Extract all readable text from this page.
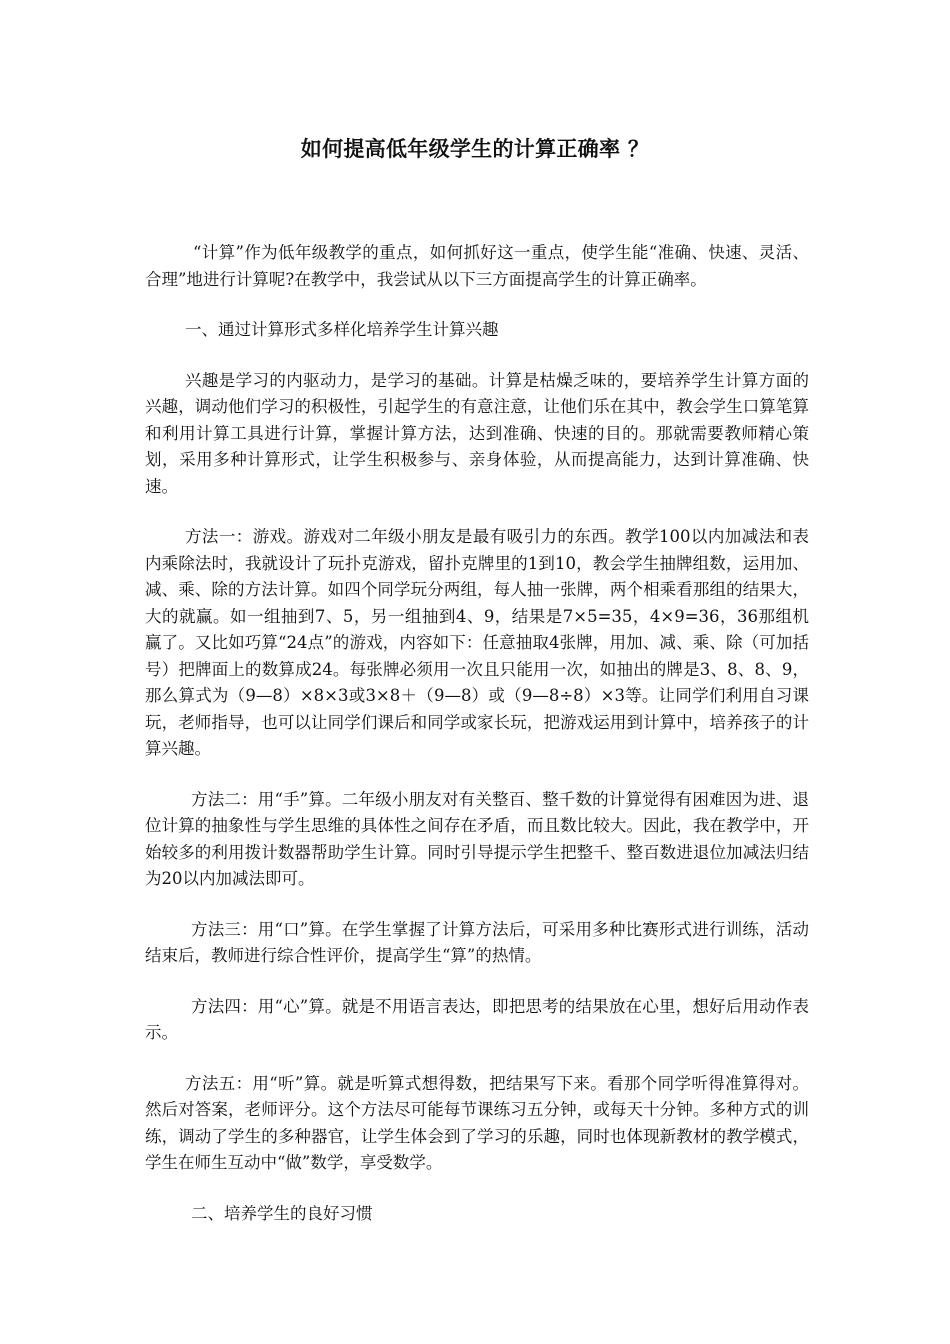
如何提高低年级学生的计算正确率 ？

“计算”作为低年级教学的重点，如何抓好这一重点，使学生能“准确、快速、灵活、合理”地进行计算呢?在教学中，我尝试从以下三方面提高学生的计算正确率。

一、通过计算形式多样化培养学生计算兴趣

兴趣是学习的内驱动力，是学习的基础。计算是枯燥乏味的，要培养学生计算方面的兴趣，调动他们学习的积极性，引起学生的有意注意，让他们乐在其中，教会学生口算笔算和利用计算工具进行计算，掌握计算方法，达到准确、快速的目的。那就需要教师精心策划，采用多种计算形式，让学生积极参与、亲身体验，从而提高能力，达到计算准确、快速。

方法一：游戏。游戏对二年级小朋友是最有吸引力的东西。教学100以内加减法和表内乘除法时，我就设计了玩扑克游戏，留扑克牌里的1到10，教会学生抽牌组数，运用加、减、乘、除的方法计算。如四个同学玩分两组，每人抽一张牌，两个相乘看那组的结果大，大的就赢。如一组抽到7、5，另一组抽到4、9，结果是7×5=35，4×9=36，36那组机赢了。又比如巧算“24点”的游戏，内容如下：任意抽取4张牌，用加、减、乘、除（可加括号）把牌面上的数算成24。每张牌必须用一次且只能用一次，如抽出的牌是3、8、8、9，那么算式为（9—8）×8×3或3×8＋（9—8）或（9—8÷8）×3等。让同学们利用自习课玩，老师指导，也可以让同学们课后和同学或家长玩，把游戏运用到计算中，培养孩子的计算兴趣。

方法二：用“手”算。二年级小朋友对有关整百、整千数的计算觉得有困难因为进、退位计算的抽象性与学生思维的具体性之间存在矛盾，而且数比较大。因此，我在教学中，开始较多的利用拨计数器帮助学生计算。同时引导提示学生把整千、整百数进退位加减法归结为20以内加减法即可。

方法三：用“口”算。在学生掌握了计算方法后，可采用多种比赛形式进行训练，活动结束后，教师进行综合性评价，提高学生“算”的热情。

方法四：用“心”算。就是不用语言表达，即把思考的结果放在心里，想好后用动作表示。

方法五：用“听”算。就是听算式想得数，把结果写下来。看那个同学听得准算得对。然后对答案，老师评分。这个方法尽可能每节课练习五分钟，或每天十分钟。多种方式的训练，调动了学生的多种器官，让学生体会到了学习的乐趣，同时也体现新教材的教学模式，学生在师生互动中“做”数学，享受数学。

二、培养学生的良好习惯
